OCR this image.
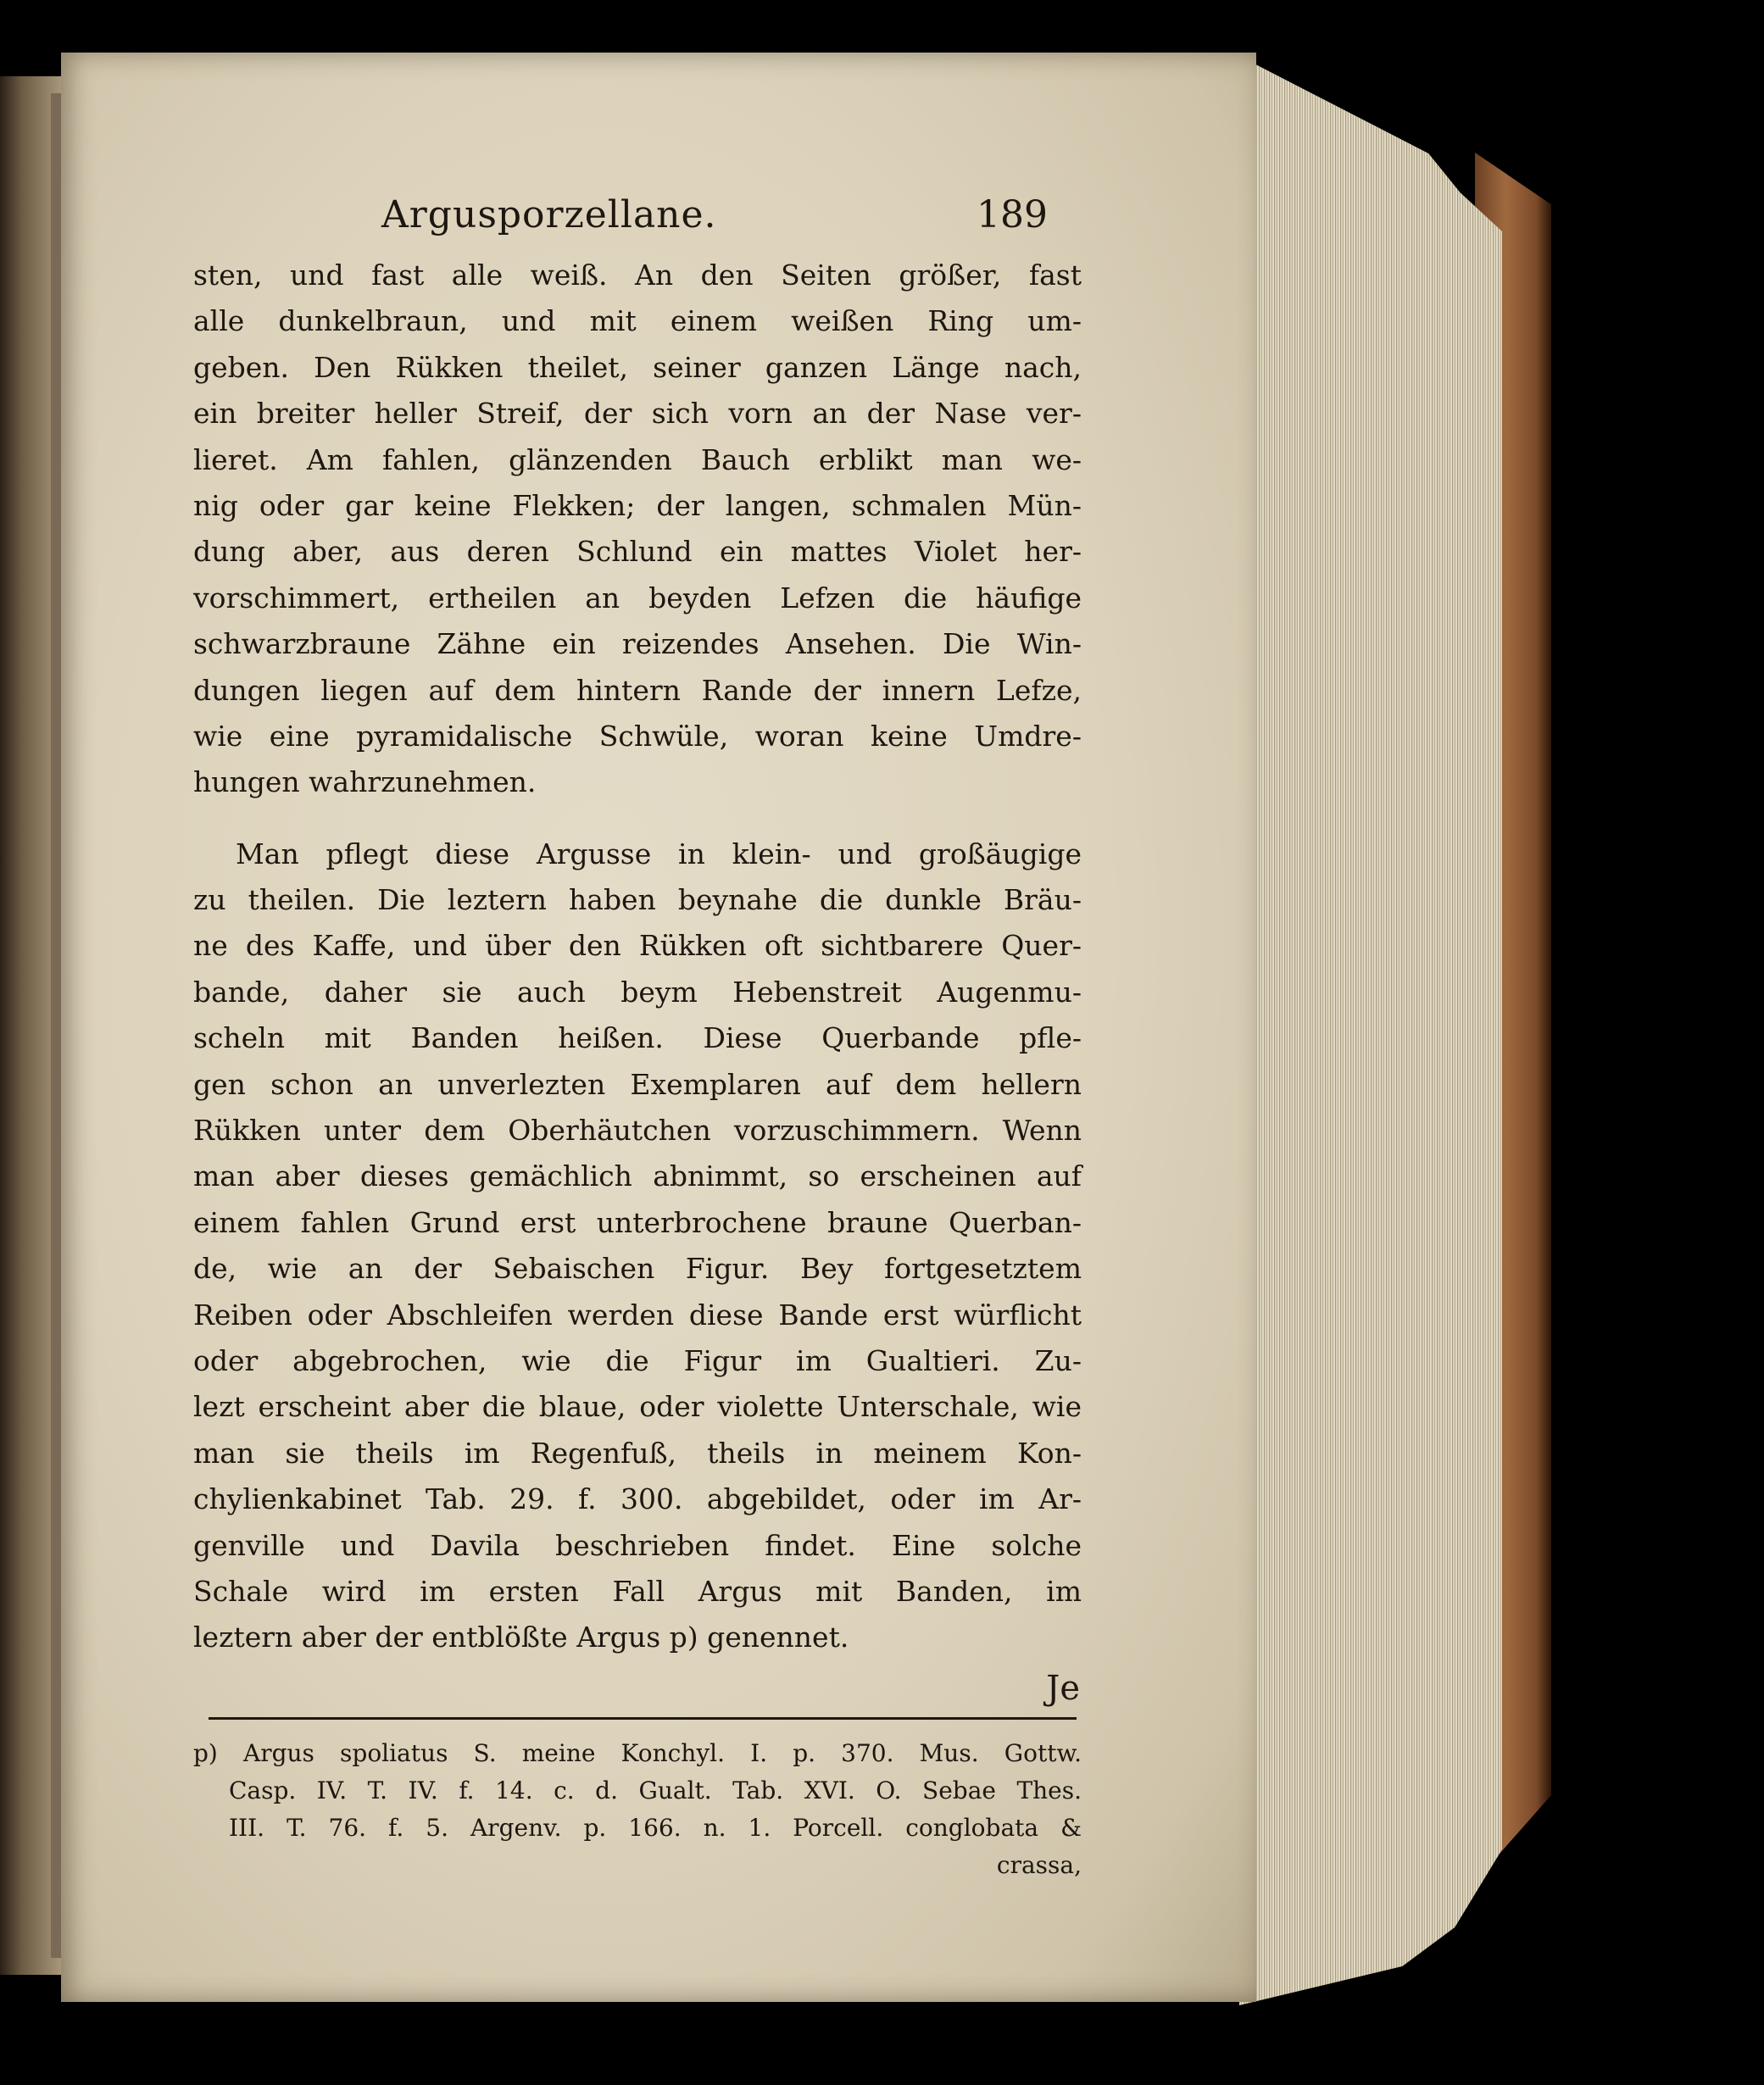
Argusporzellane.	189
sten, und fast alle weiß. An den Seiten größer, fast
alle dunkelbraun, und mit einem weißen Ring um-
geben. Den Rükken theilet, seiner ganzen Länge nach,
ein breiter heller Streif, der sich vorn an der Nase ver-
lieret. Am fahlen, glänzenden Bauch erblikt man we-
nig oder gar keine Flekken; der langen, schmalen Mün-
dung aber, aus deren Schlund ein mattes Violet her-
vorschimmert, ertheilen an beyden Lefzen die häufige
schwarzbraune Zähne ein reizendes Ansehen. Die Win-
dungen liegen auf dem hintern Rande der innern Lefze,
wie eine pyramidalische Schwüle, woran keine Umdre-
hungen wahrzunehmen.
Man pflegt diese Argusse in klein- und großäugige
zu theilen. Die leztern haben beynahe die dunkle Bräu-
ne des Kaffe, und über den Rükken oft sichtbarere Quer-
bande, daher sie auch beym Hebenstreit Augenmu-
scheln mit Banden heißen. Diese Querbande pfle-
gen schon an unverlezten Exemplaren auf dem hellern
Rükken unter dem Oberhäutchen vorzuschimmern. Wenn
man aber dieses gemächlich abnimmt, so erscheinen auf
einem fahlen Grund erst unterbrochene braune Querban-
de, wie an der Sebaischen Figur. Bey fortgesetztem
Reiben oder Abschleifen werden diese Bande erst würflicht
oder abgebrochen, wie die Figur im Gualtieri. Zu-
lezt erscheint aber die blaue, oder violette Unterschale, wie
man sie theils im Regenfuß, theils in meinem Kon-
chylienkabinet Tab. 29. f. 300. abgebildet, oder im Ar-
genville und Davila beschrieben findet. Eine solche
Schale wird im ersten Fall Argus mit Banden, im
leztern aber der entblößte Argus p) genennet.
Je
p) Argus spoliatus S. meine Konchyl. I. p. 370. Mus. Gottw.
Casp. IV. T. IV. f. 14. c. d. Gualt. Tab. XVI. O. Sebae Thes.
III. T. 76. f. 5. Argenv. p. 166. n. 1. Porcell. conglobata &
crassa,
